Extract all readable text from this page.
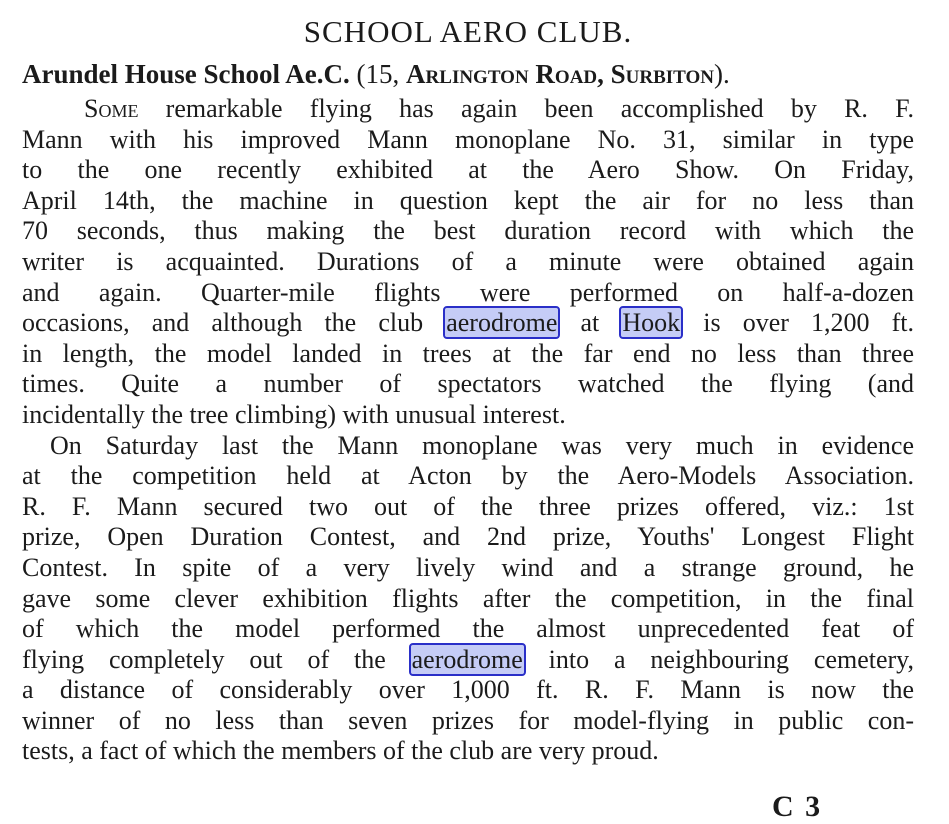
SCHOOL AERO CLUB.
Arundel House School Ae.C. (15, Arlington Road, Surbiton).
Some remarkable flying has again been accomplished by R. F.
Mann with his improved Mann monoplane No. 31, similar in type
to the one recently exhibited at the Aero Show. On Friday,
April 14th, the machine in question kept the air for no less than
70 seconds, thus making the best duration record with which the
writer is acquainted. Durations of a minute were obtained again
and again. Quarter-mile flights were performed on half-a-dozen
occasions, and although the club aerodrome at Hook is over 1,200 ft.
in length, the model landed in trees at the far end no less than three
times. Quite a number of spectators watched the flying (and
incidentally the tree climbing) with unusual interest.
On Saturday last the Mann monoplane was very much in evidence
at the competition held at Acton by the Aero-Models Association.
R. F. Mann secured two out of the three prizes offered, viz.: 1st
prize, Open Duration Contest, and 2nd prize, Youths' Longest Flight
Contest. In spite of a very lively wind and a strange ground, he
gave some clever exhibition flights after the competition, in the final
of which the model performed the almost unprecedented feat of
flying completely out of the aerodrome into a neighbouring cemetery,
a distance of considerably over 1,000 ft. R. F. Mann is now the
winner of no less than seven prizes for model-flying in public con-
tests, a fact of which the members of the club are very proud.
C 3
